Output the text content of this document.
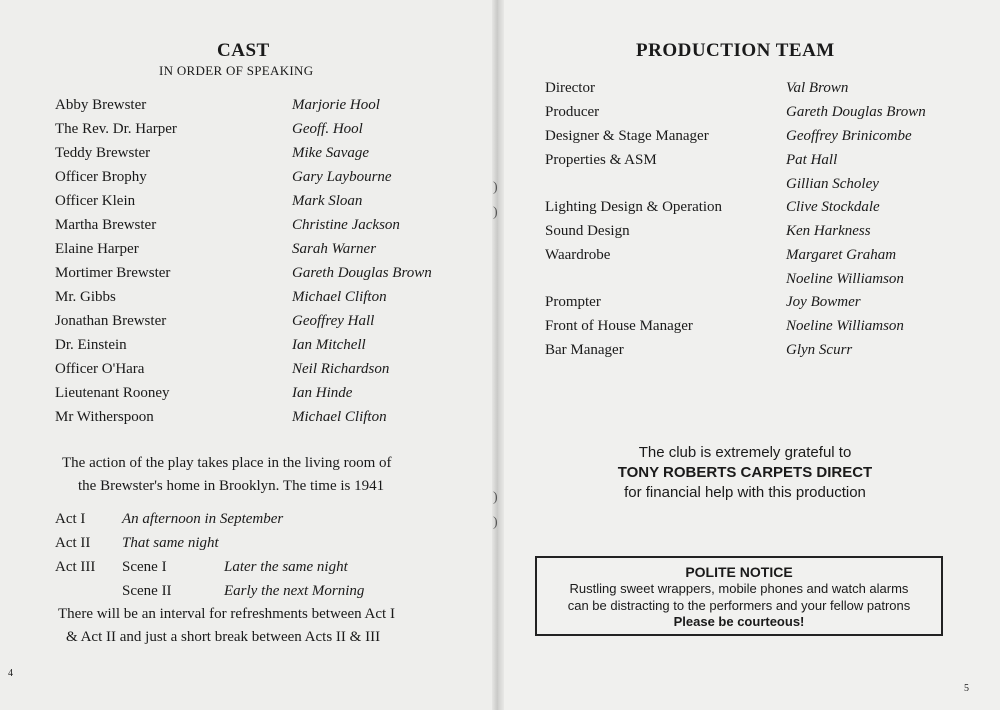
CAST
IN ORDER OF SPEAKING
Abby Brewster	Marjorie Hool
The Rev. Dr. Harper	Geoff. Hool
Teddy Brewster	Mike Savage
Officer Brophy	Gary Laybourne
Officer Klein	Mark Sloan
Martha Brewster	Christine Jackson
Elaine Harper	Sarah Warner
Mortimer Brewster	Gareth Douglas Brown
Mr. Gibbs	Michael Clifton
Jonathan Brewster	Geoffrey Hall
Dr. Einstein	Ian Mitchell
Officer O'Hara	Neil Richardson
Lieutenant Rooney	Ian Hinde
Mr Witherspoon	Michael Clifton
The action of the play takes place in the living room of
the Brewster's home in Brooklyn. The time is 1941
Act I An afternoon in September
Act II That same night
Act III Scene I	Later the same night
Scene II	Early the next Morning
There will be an interval for refreshments between Act I
& Act II and just a short break between Acts II & III
4
)
)
)
)
PRODUCTION TEAM
Director	Val Brown
Producer	Gareth Douglas Brown
Designer & Stage Manager	Geoffrey Brinicombe
Properties & ASM	Pat Hall
Gillian Scholey
Lighting Design & Operation	Clive Stockdale
Sound Design	Ken Harkness
Waardrobe	Margaret Graham
Noeline Williamson
Prompter	Joy Bowmer
Front of House Manager	Noeline Williamson
Bar Manager	Glyn Scurr
The club is extremely grateful to
TONY ROBERTS CARPETS DIRECT
for financial help with this production
POLITE NOTICE
Rustling sweet wrappers, mobile phones and watch alarms
can be distracting to the performers and your fellow patrons
Please be courteous!
5
